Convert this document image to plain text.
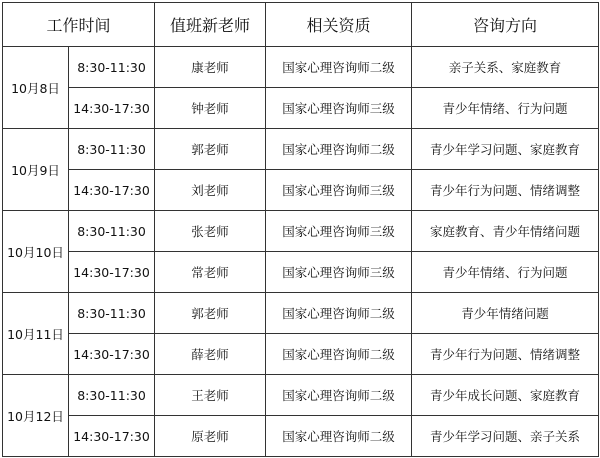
工作时间		值班新老师	相关资质	咨询方向
10月8日	8:30-11:30	康老师	国家心理咨询师二级	亲子关系、家庭教育
	14:30-17:30	钟老师	国家心理咨询师三级	青少年情绪、行为问题
10月9日	8:30-11:30	郭老师	国家心理咨询师二级	青少年学习问题、家庭教育
	14:30-17:30	刘老师	国家心理咨询师三级	青少年行为问题、情绪调整
10月10日	8:30-11:30	张老师	国家心理咨询师三级	家庭教育、青少年情绪问题
	14:30-17:30	常老师	国家心理咨询师三级	青少年情绪、行为问题
10月11日	8:30-11:30	郭老师	国家心理咨询师二级	青少年情绪问题
	14:30-17:30	薛老师	国家心理咨询师二级	青少年行为问题、情绪调整
10月12日	8:30-11:30	王老师	国家心理咨询师二级	青少年成长问题、家庭教育
	14:30-17:30	原老师	国家心理咨询师二级	青少年学习问题、亲子关系
